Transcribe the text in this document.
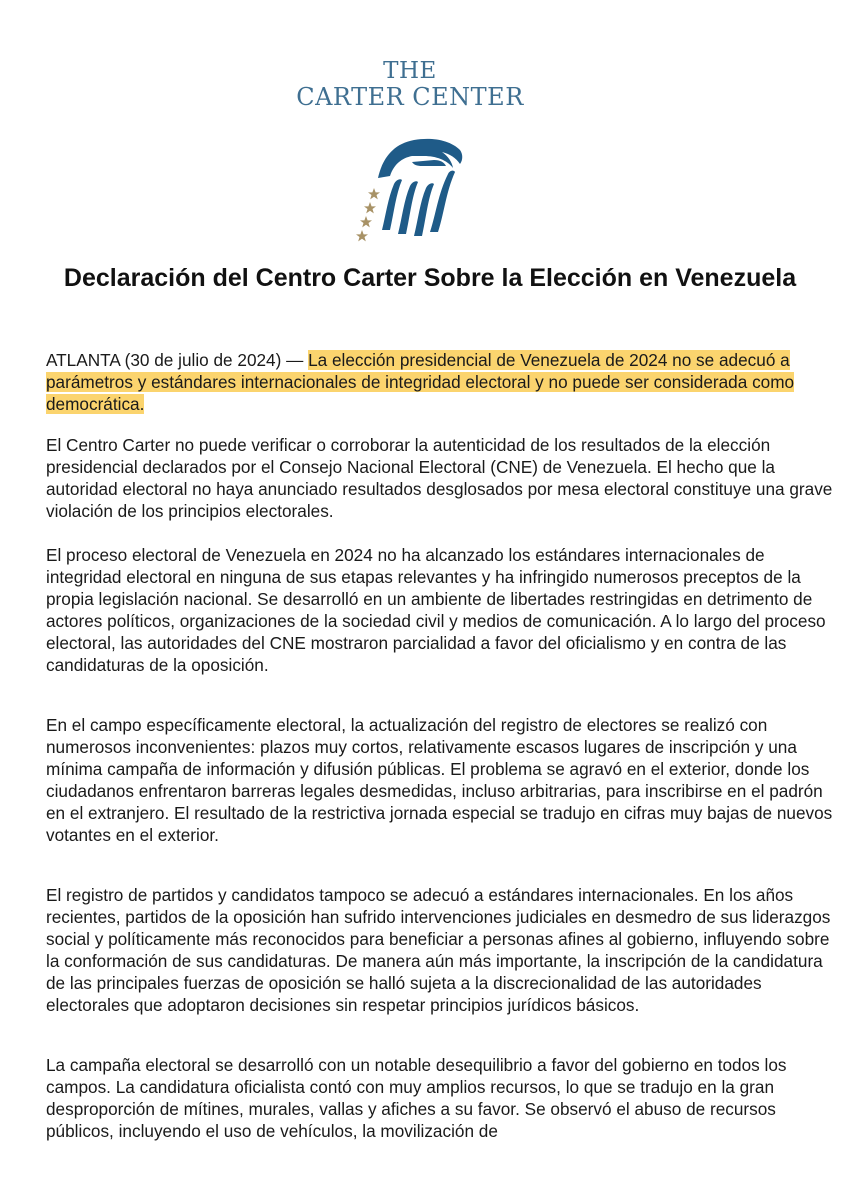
THE
CARTER CENTER
Declaración del Centro Carter Sobre la Elección en Venezuela

ATLANTA (30 de julio de 2024) — La elección presidencial de Venezuela de 2024 no se adecuó a parámetros y estándares internacionales de integridad electoral y no puede ser considerada como democrática.

El Centro Carter no puede verificar o corroborar la autenticidad de los resultados de la elección presidencial declarados por el Consejo Nacional Electoral (CNE) de Venezuela. El hecho que la autoridad electoral no haya anunciado resultados desglosados por mesa electoral constituye una grave violación de los principios electorales.

El proceso electoral de Venezuela en 2024 no ha alcanzado los estándares internacionales de integridad electoral en ninguna de sus etapas relevantes y ha infringido numerosos preceptos de la propia legislación nacional. Se desarrolló en un ambiente de libertades restringidas en detrimento de actores políticos, organizaciones de la sociedad civil y medios de comunicación. A lo largo del proceso electoral, las autoridades del CNE mostraron parcialidad a favor del oficialismo y en contra de las candidaturas de la oposición.

En el campo específicamente electoral, la actualización del registro de electores se realizó con numerosos inconvenientes: plazos muy cortos, relativamente escasos lugares de inscripción y una mínima campaña de información y difusión públicas. El problema se agravó en el exterior, donde los ciudadanos enfrentaron barreras legales desmedidas, incluso arbitrarias, para inscribirse en el padrón en el extranjero. El resultado de la restrictiva jornada especial se tradujo en cifras muy bajas de nuevos votantes en el exterior.

El registro de partidos y candidatos tampoco se adecuó a estándares internacionales. En los años recientes, partidos de la oposición han sufrido intervenciones judiciales en desmedro de sus liderazgos social y políticamente más reconocidos para beneficiar a personas afines al gobierno, influyendo sobre la conformación de sus candidaturas. De manera aún más importante, la inscripción de la candidatura de las principales fuerzas de oposición se halló sujeta a la discrecionalidad de las autoridades electorales que adoptaron decisiones sin respetar principios jurídicos básicos.

La campaña electoral se desarrolló con un notable desequilibrio a favor del gobierno en todos los campos. La candidatura oficialista contó con muy amplios recursos, lo que se tradujo en la gran desproporción de mítines, murales, vallas y afiches a su favor. Se observó el abuso de recursos públicos, incluyendo el uso de vehículos, la movilización de
